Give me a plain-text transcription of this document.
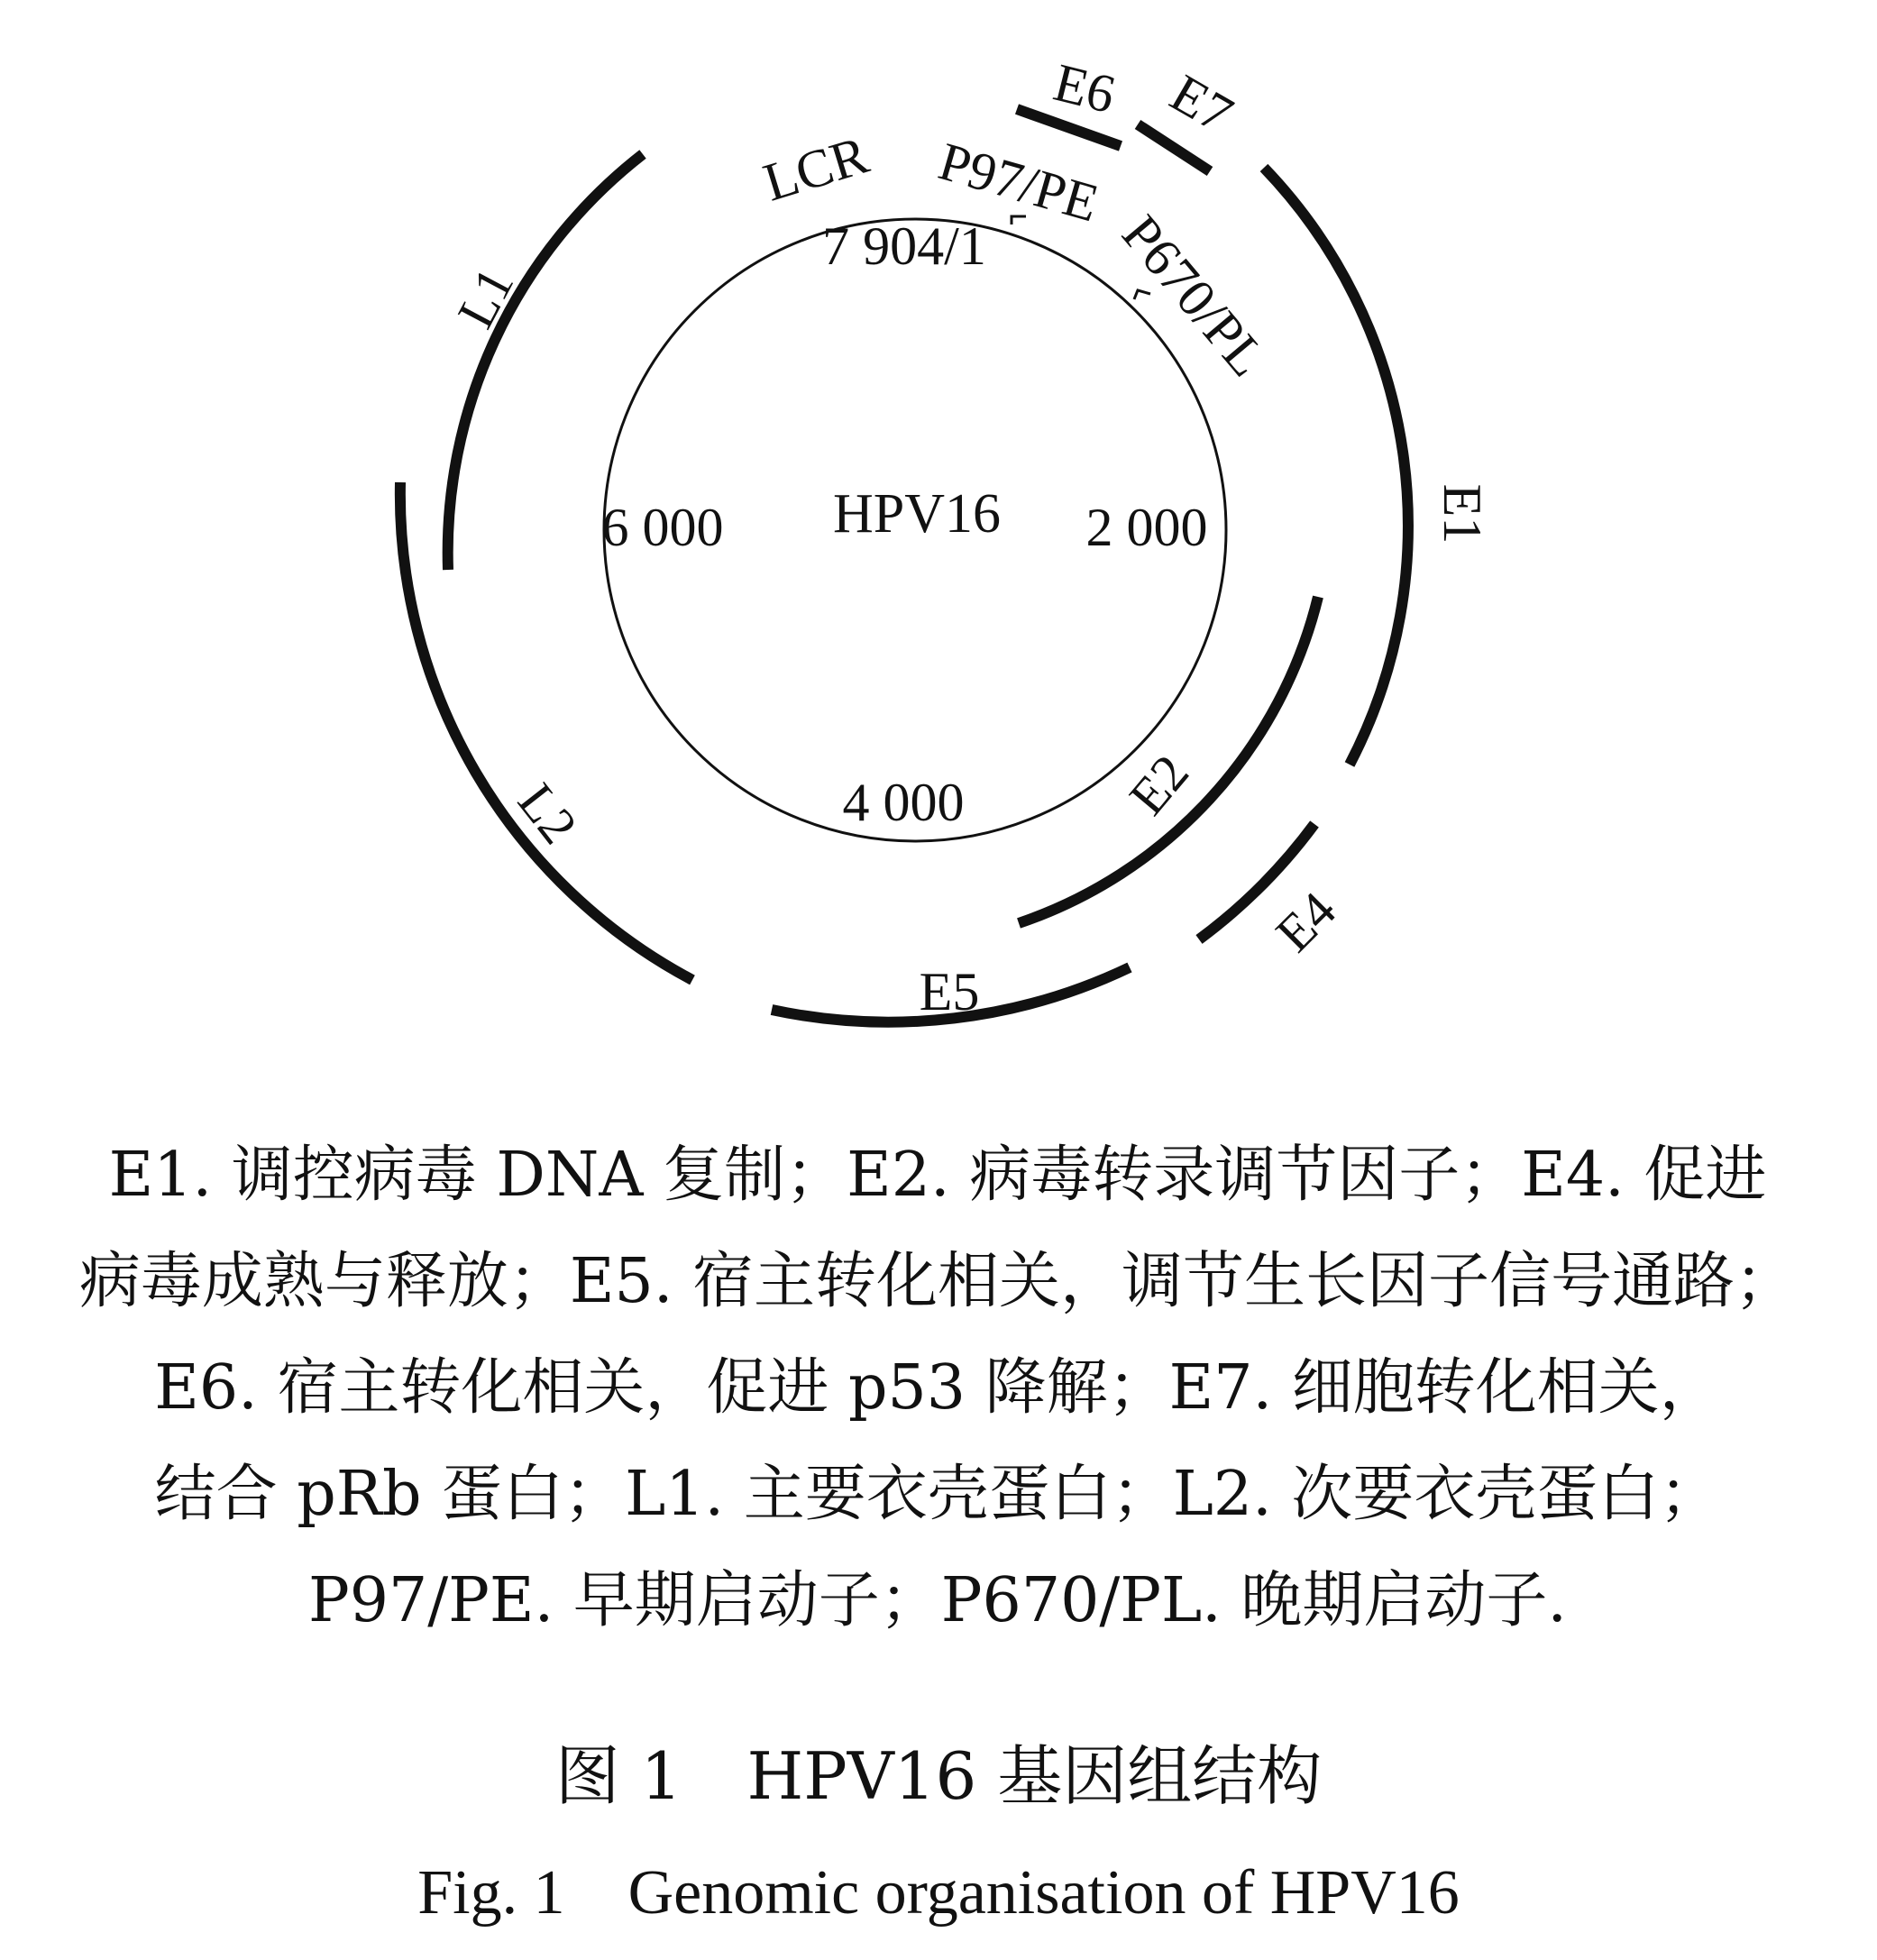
HPV16
7 904/1
2 000
4 000
6 000
E6 E7
E1
E2
E4
E5
L2
L1
LCR P97/PE
P670/PL
E1. 调控病毒 DNA 复制；E2. 病毒转录调节因子；E4. 促进
病毒成熟与释放；E5. 宿主转化相关，调节生长因子信号通路；
E6. 宿主转化相关，促进 p53 降解；E7. 细胞转化相关，
结合 pRb 蛋白；L1. 主要衣壳蛋白；L2. 次要衣壳蛋白；
P97/PE. 早期启动子；P670/PL. 晚期启动子.
图 1　HPV16 基因组结构
Fig. 1　Genomic organisation of HPV16
